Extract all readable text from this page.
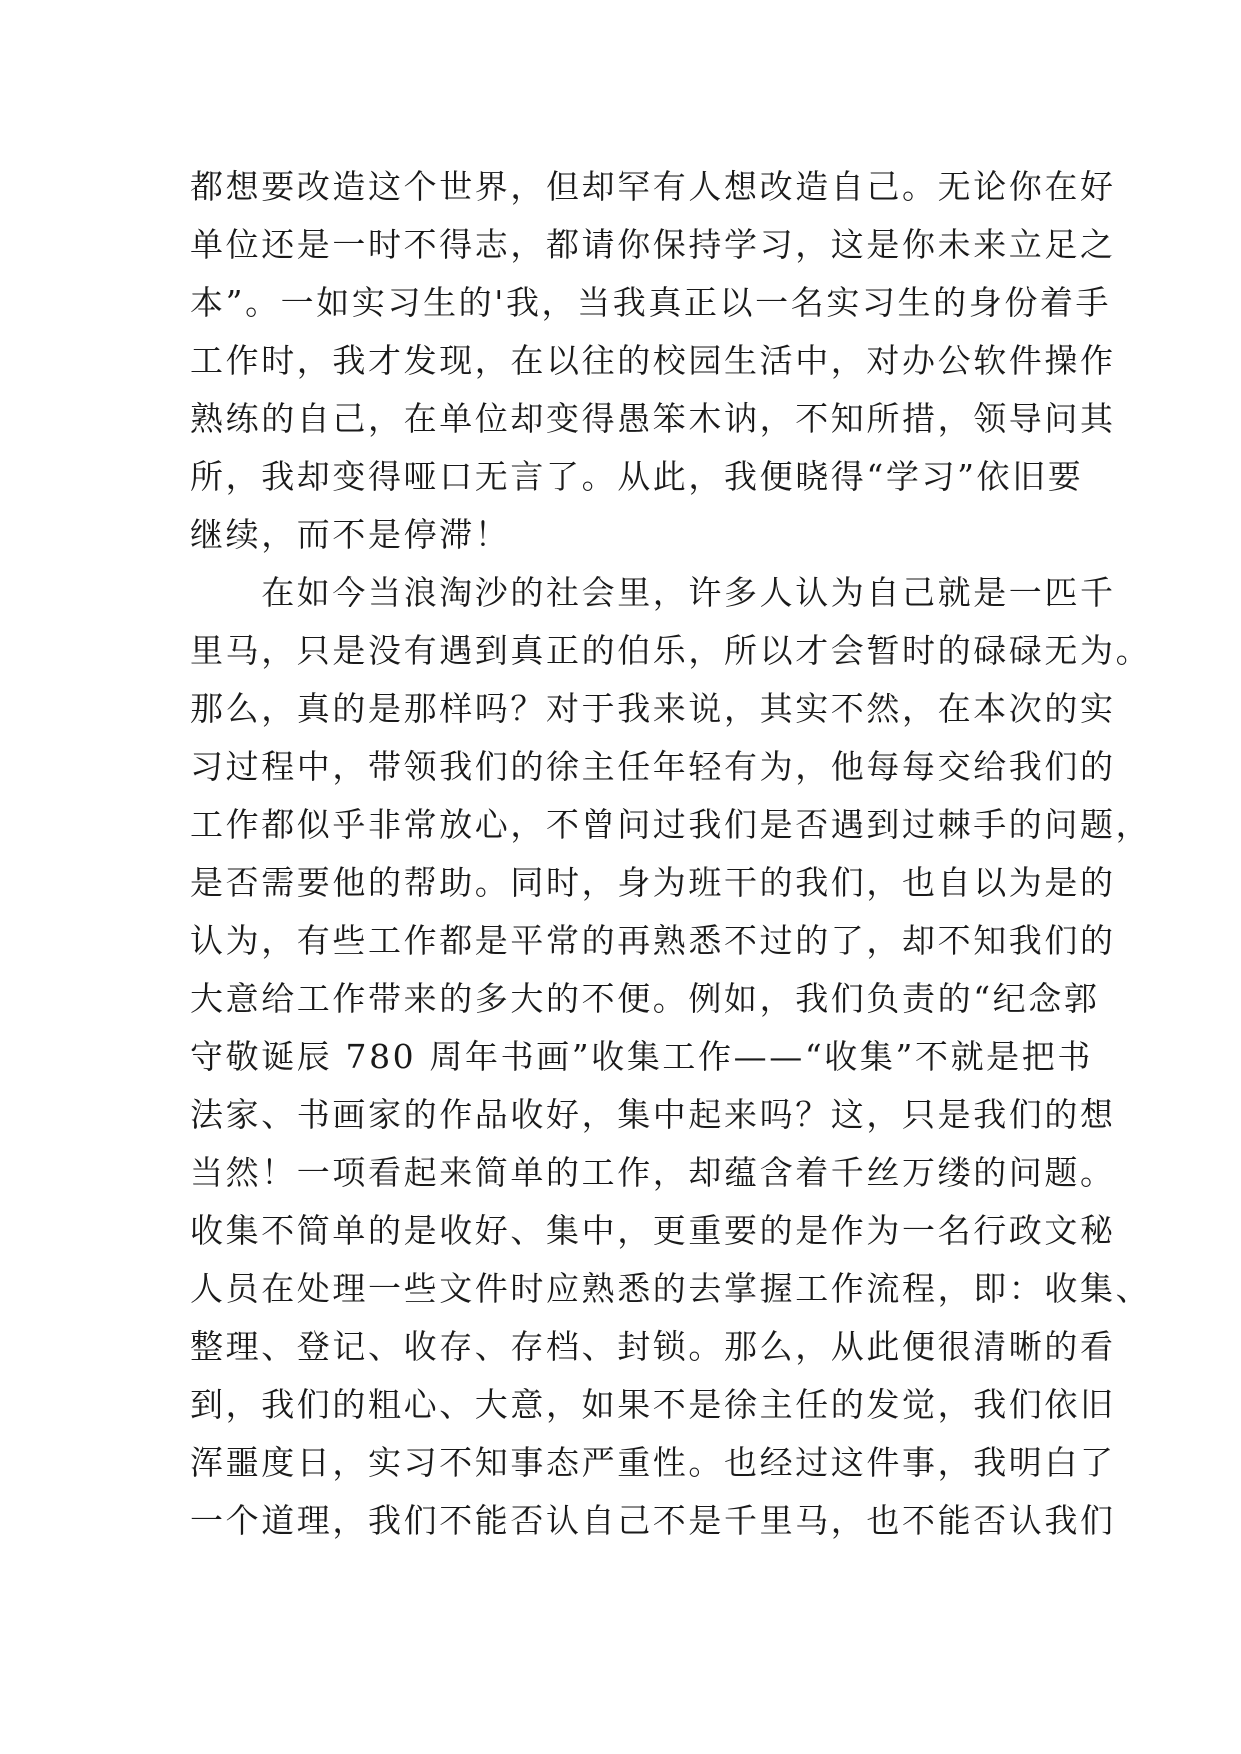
都想要改造这个世界，但却罕有人想改造自己。无论你在好
单位还是一时不得志，都请你保持学习，这是你未来立足之
本”。一如实习生的'我，当我真正以一名实习生的身份着手
工作时，我才发现，在以往的校园生活中，对办公软件操作
熟练的自己，在单位却变得愚笨木讷，不知所措，领导问其
所，我却变得哑口无言了。从此，我便晓得“学习”依旧要
继续，而不是停滞！
　　在如今当浪淘沙的社会里，许多人认为自己就是一匹千
里马，只是没有遇到真正的伯乐，所以才会暂时的碌碌无为。
那么，真的是那样吗？对于我来说，其实不然，在本次的实
习过程中，带领我们的徐主任年轻有为，他每每交给我们的
工作都似乎非常放心，不曾问过我们是否遇到过棘手的问题，
是否需要他的帮助。同时，身为班干的我们，也自以为是的
认为，有些工作都是平常的再熟悉不过的了，却不知我们的
大意给工作带来的多大的不便。例如，我们负责的“纪念郭
守敬诞辰 780 周年书画”收集工作——“收集”不就是把书
法家、书画家的作品收好，集中起来吗？这，只是我们的想
当然！一项看起来简单的工作，却蕴含着千丝万缕的问题。
收集不简单的是收好、集中，更重要的是作为一名行政文秘
人员在处理一些文件时应熟悉的去掌握工作流程，即：收集、
整理、登记、收存、存档、封锁。那么，从此便很清晰的看
到，我们的粗心、大意，如果不是徐主任的发觉，我们依旧
浑噩度日，实习不知事态严重性。也经过这件事，我明白了
一个道理，我们不能否认自己不是千里马，也不能否认我们
